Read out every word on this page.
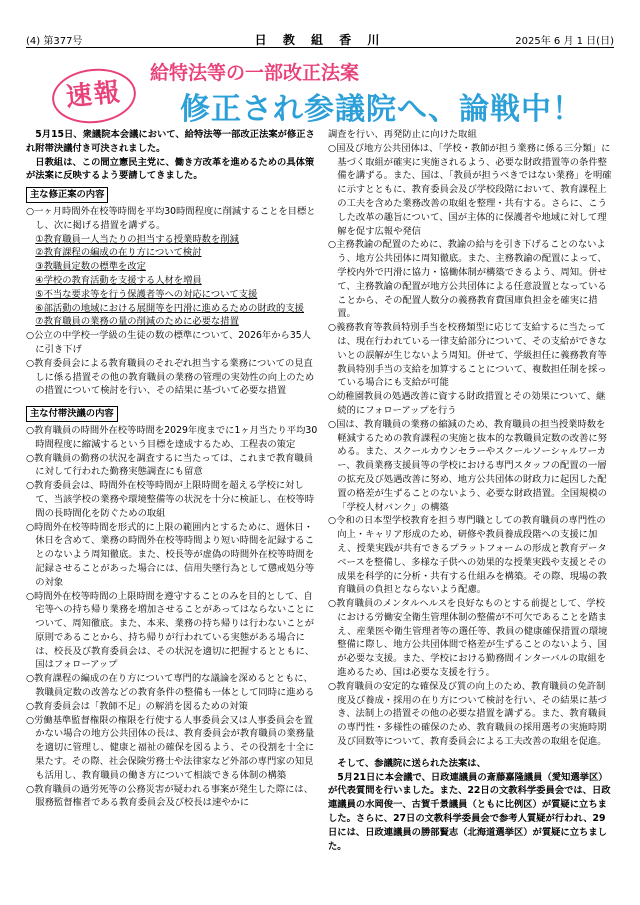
(4) 第377号	日 教 組 香 川	2025年 6 月 1 日(日)
速報
給特法等の一部改正法案
修正され参議院へ、論戦中！

5月15日、衆議院本会議において、給特法等一部改正法案が修正され附帯決議付き可決されました。

日教組は、この間立憲民主党に、働き方改革を進めるための具体策が法案に反映するよう要請してきました。

主な修正案の内容

○一ヶ月時間外在校等時間を平均30時間程度に削減することを目標とし、次に掲げる措置を講ずる。

①教育職員一人当たりの担当する授業時数を削減

②教育課程の編成の在り方について検討

③教職員定数の標準を改定

④学校の教育活動を支援する人材を増員

⑤不当な要求等を行う保護者等への対応について支援

⑥部活動の地域における展開等を円滑に進めるための財政的支援

⑦教育職員の業務の量の削減のために必要な措置

○公立の中学校一学級の生徒の数の標準について、2026年から35人に引き下げ

○教育委員会による教育職員のそれぞれ担当する業務についての見直しに係る措置その他の教育職員の業務の管理の実効性の向上のための措置について検討を行い、その結果に基づいて必要な措置

主な付帯決議の内容

○教育職員の時間外在校等時間を2029年度までに1ヶ月当たり平均30時間程度に縮減するという目標を達成するため、工程表の策定

○教育職員の勤務の状況を調査するに当たっては、これまで教育職員に対して行われた勤務実態調査にも留意

○教育委員会は、時間外在校等時間が上限時間を超える学校に対して、当該学校の業務や環境整備等の状況を十分に検証し、在校等時間の長時間化を防ぐための取組

○時間外在校等時間を形式的に上限の範囲内とするために、週休日・休日を含めて、業務の時間外在校等時間より短い時間を記録することのないよう周知徹底。また、校長等が虚偽の時間外在校等時間を記録させることがあった場合には、信用失墜行為として懲戒処分等の対象

○時間外在校等時間の上限時間を遵守することのみを目的として、自宅等への持ち帰り業務を増加させることがあってはならないことについて、周知徹底。また、本来、業務の持ち帰りは行わないことが原則であることから、持ち帰りが行われている実態がある場合には、校長及び教育委員会は、その状況を適切に把握するとともに、国はフォローアップ

○教育課程の編成の在り方について専門的な議論を深めるとともに、教職員定数の改善などの教育条件の整備も一体として同時に進める

○教育委員会は「教師不足」の解消を図るための対策

○労働基準監督権限の権限を行使する人事委員会又は人事委員会を置かない場合の地方公共団体の長は、教育委員会が教育職員の業務量を適切に管理し、健康と福祉の確保を図るよう、その役割を十全に果たす。その際、社会保険労務士や法律家など外部の専門家の知見も活用し、教育職員の働き方について相談できる体制の構築

○教育職員の過労死等の公務災害が疑われる事案が発生した際には、服務監督権者である教育委員会及び校長は速やかに

調査を行い、再発防止に向けた取組

○国及び地方公共団体は、「学校・教師が担う業務に係る三分類」に基づく取組が確実に実施されるよう、必要な財政措置等の条件整備を講ずる。また、国は、「教員が担うべきではない業務」を明確に示すとともに、教育委員会及び学校段階において、教育課程上の工夫を含めた業務改善の取組を整理・共有する。さらに、こうした改革の趣旨について、国が主体的に保護者や地域に対して理解を促す広報や発信

○主務教諭の配置のために、教諭の給与を引き下げることのないよう、地方公共団体に周知徹底。また、主務教諭の配置によって、学校内外で円滑に協力・協働体制が構築できるよう、周知。併せて、主務教諭の配置が地方公共団体による任意設置となっていることから、その配置人数分の義務教育費国庫負担金を確実に措置。

○義務教育等教員特別手当を校務類型に応じて支給するに当たっては、現在行われている一律支給部分について、その支給ができないとの誤解が生じないよう周知。併せて、学級担任に義務教育等教員特別手当の支給を加算することについて、複数担任制を採っている場合にも支給が可能

○幼稚園教員の処遇改善に資する財政措置とその効果について、継続的にフォローアップを行う

○国は、教育職員の業務の縮減のため、教育職員の担当授業時数を軽減するための教育課程の実施と抜本的な教職員定数の改善に努める。また、スクールカウンセラーやスクールソーシャルワーカー、教員業務支援員等の学校における専門スタッフの配置の一層の拡充及び処遇改善に努め、地方公共団体の財政力に起因した配置の格差が生ずることのないよう、必要な財政措置。全国規模の「学校人材バンク」の構築

○令和の日本型学校教育を担う専門職としての教育職員の専門性の向上・キャリア形成のため、研修や教員養成段階への支援に加え、授業実践が共有できるプラットフォームの形成と教育データベースを整備し、多様な子供への効果的な授業実践や支援とその成果を科学的に分析・共有する仕組みを構築。その際、現場の教育職員の負担とならないよう配慮。

○教育職員のメンタルヘルスを良好なものとする前提として、学校における労働安全衛生管理体制の整備が不可欠であることを踏まえ、産業医や衛生管理者等の選任等、教員の健康確保措置の環境整備に際し、地方公共団体間で格差が生ずることのないよう、国が必要な支援。また、学校における勤務間インターバルの取組を進めるため、国は必要な支援を行う。

○教育職員の安定的な確保及び質の向上のため、教育職員の免許制度及び養成・採用の在り方について検討を行い、その結果に基づき、法制上の措置その他の必要な措置を講ずる。また、教育職員の専門性・多様性の確保のため、教育職員の採用選考の実施時期及び回数等について、教育委員会による工夫改善の取組を促進。

そして、参議院に送られた法案は、

5月21日に本会議で、日政連議員の斎藤嘉隆議員（愛知選挙区）が代表質問を行いました。また、22日の文教科学委員会では、日政連議員の水岡俊一、古賀千景議員（ともに比例区）が質疑に立ちました。さらに、27日の文教科学委員会で参考人質疑が行われ、29日には、日政連議員の勝部賢志（北海道選挙区）が質疑に立ちました。
